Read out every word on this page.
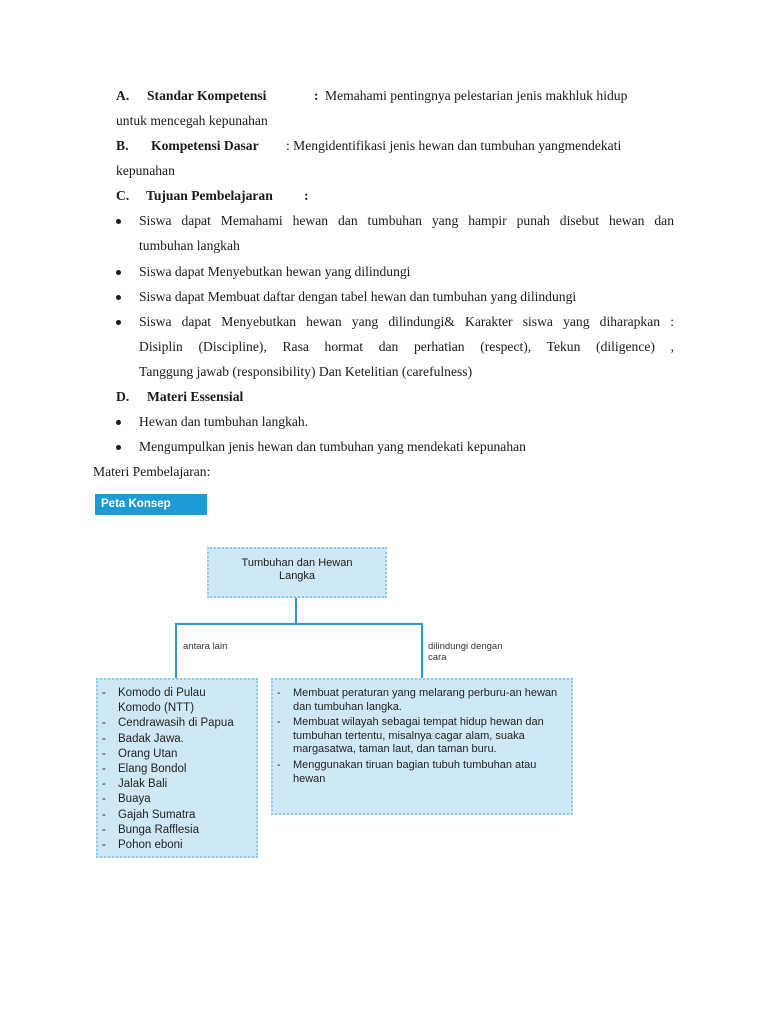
A. Standar Kompetensi	: Memahami pentingnya pelestarian jenis makhluk hidup
untuk mencegah kepunahan
B. Kompetensi Dasar : Mengidentifikasi jenis hewan dan tumbuhan yangmendekati
kepunahan
C. Tujuan Pembelajaran :
Siswa dapat Memahami hewan dan tumbuhan yang hampir punah disebut hewan dan
tumbuhan langkah
Siswa dapat Menyebutkan hewan yang dilindungi
Siswa dapat Membuat daftar dengan tabel hewan dan tumbuhan yang dilindungi
Siswa dapat Menyebutkan hewan yang dilindungi& Karakter siswa yang diharapkan :
Disiplin (Discipline), Rasa hormat dan perhatian (respect), Tekun (diligence) ,
Tanggung jawab (responsibility) Dan Ketelitian (carefulness)
D. Materi Essensial
Hewan dan tumbuhan langkah.
Mengumpulkan jenis hewan dan tumbuhan yang mendekati kepunahan
Materi Pembelajaran:
Peta Konsep
Tumbuhan dan Hewan
Langka
antara lain	dilindungi dengan
cara
- Komodo di Pulau Komodo (NTT)
- Cendrawasih di Papua
- Badak Jawa.
- Orang Utan
- Elang Bondol
- Jalak Bali
- Buaya
- Gajah Sumatra
- Bunga Rafflesia
- Pohon eboni
- Membuat peraturan yang melarang perburu-an hewan dan tumbuhan langka.
- Membuat wilayah sebagai tempat hidup hewan dan tumbuhan tertentu, misalnya cagar alam, suaka margasatwa, taman laut, dan taman buru.
- Menggunakan tiruan bagian tubuh tumbuhan atau hewan
